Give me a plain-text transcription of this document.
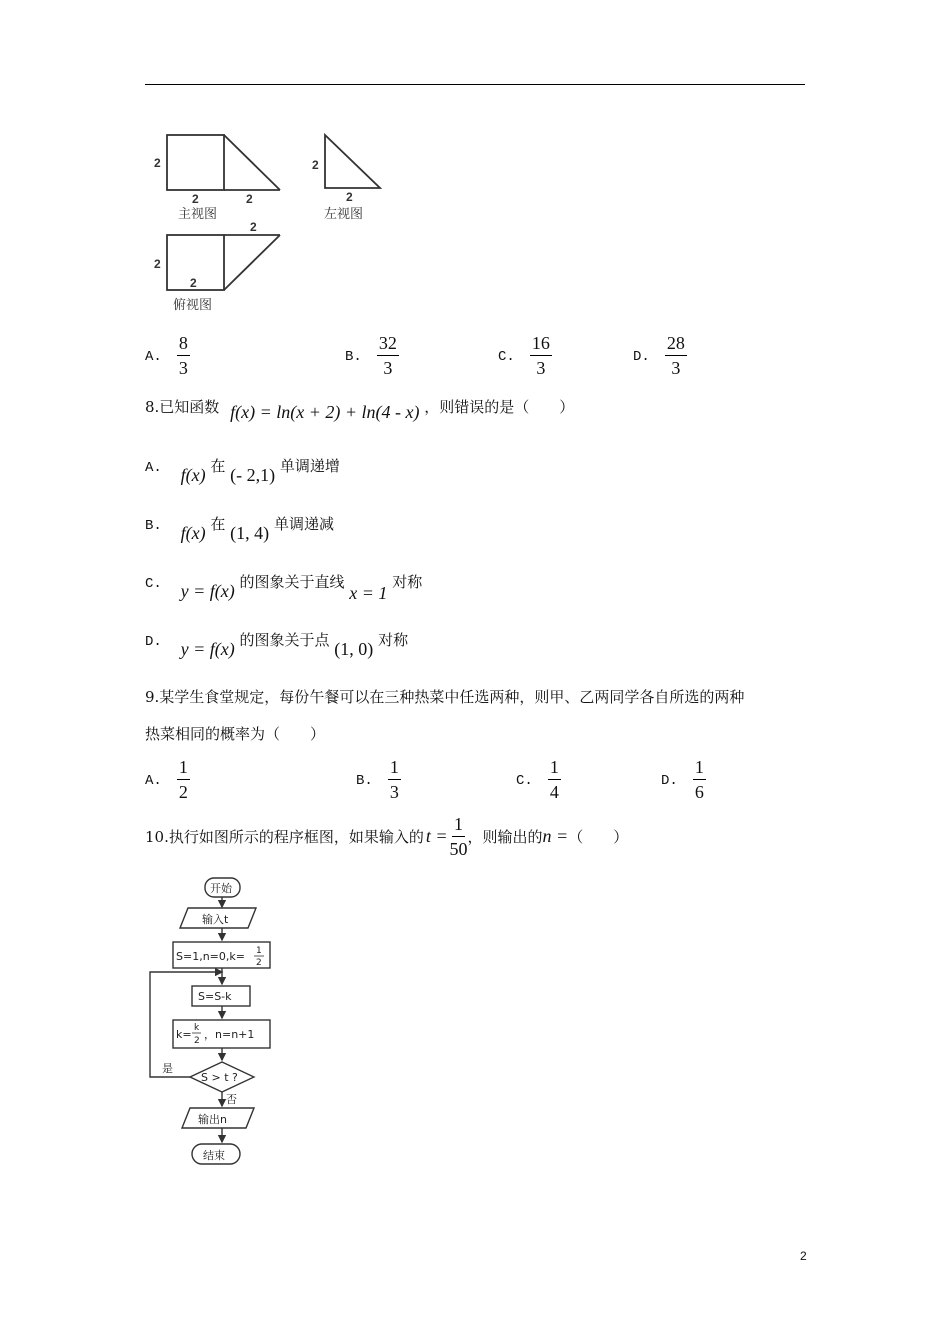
2
2	2
主视图
2
2
左视图
2
2
2
俯视图
A. $\frac{8}{3}$	B. $\frac{32}{3}$	C. $\frac{16}{3}$	D. $\frac{28}{3}$
8.已知函数 f(x) = ln(x + 2) + ln(4 - x) ，则错误的是（　　）
A. f(x) 在 (- 2,1) 单调递增
B. f(x) 在 (1, 4) 单调递减
C. y = f(x) 的图象关于直线 x = 1 对称
D. y = f(x) 的图象关于点 (1, 0) 对称
9.某学生食堂规定，每份午餐可以在三种热菜中任选两种，则甲、乙两同学各自所选的两种
热菜相同的概率为（　　）
A. $\frac{1}{2}$	B. $\frac{1}{3}$	C. $\frac{1}{4}$	D. $\frac{1}{6}$
10.执行如图所示的程序框图，如果输入的 $t = \frac{1}{50}$ ，则输出的 n = （　　）
开始
输入t
S=1,n=0,k= 1
2
S=S-k
k= k
2 ，n=n+1
S > t ?
是
否
输出n
结束
2
